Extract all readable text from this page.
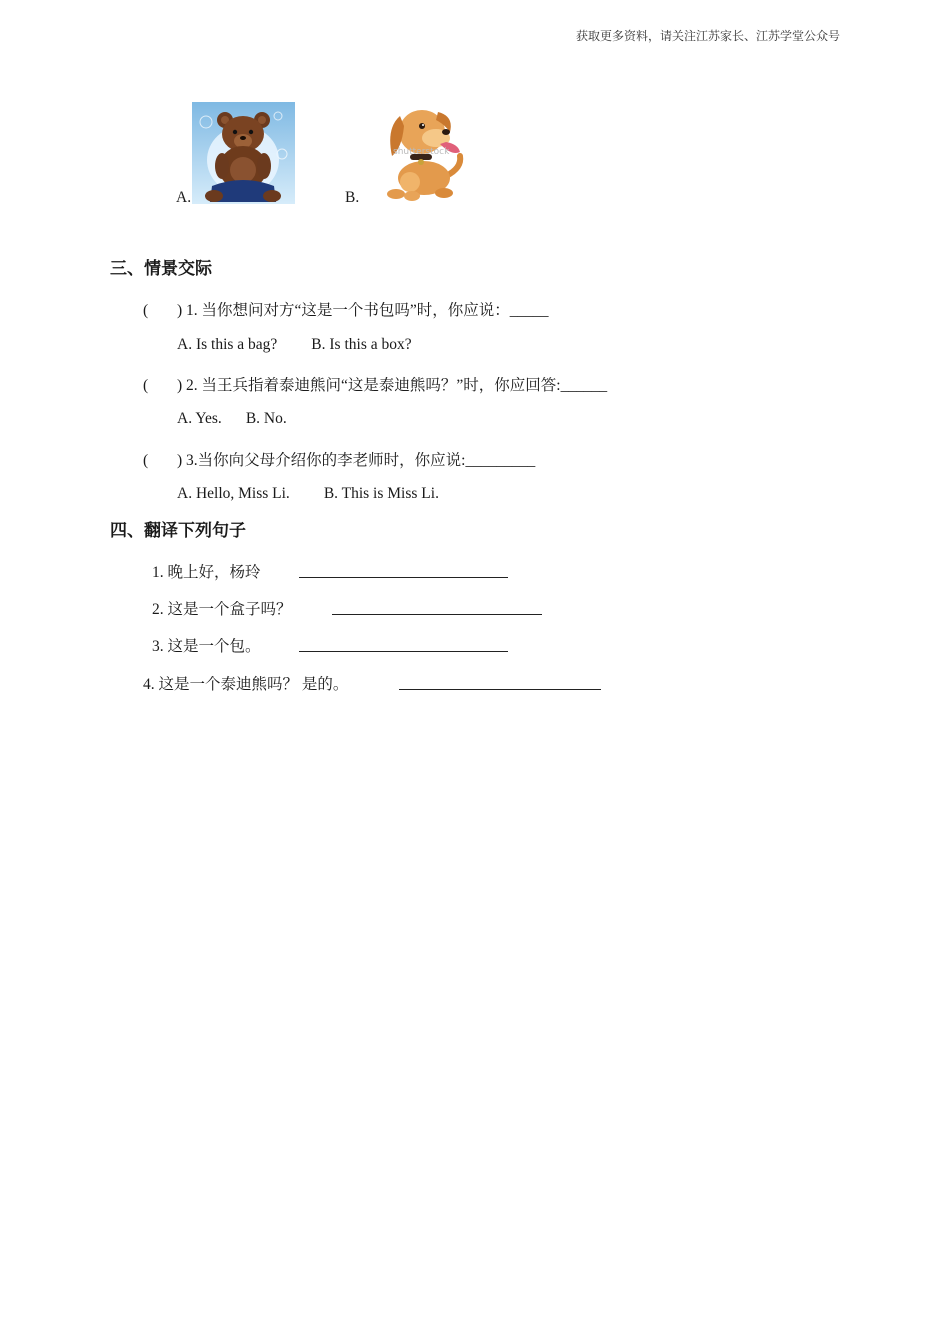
获取更多资料，请关注江苏家长、江苏学堂公众号
A.	B.
shutterstock
三、情景交际
( ) 1. 当你想问对方“这是一个书包吗”时，你应说：_____
A. Is this a bag? B. Is this a box?
( ) 2. 当王兵指着泰迪熊问“这是泰迪熊吗？”时，你应回答:______
A. Yes. B. No.
( ) 3.当你向父母介绍你的李老师时，你应说:_________
A. Hello, Miss Li. B. This is Miss Li.
四、翻译下列句子
1. 晚上好，杨玲
2. 这是一个盒子吗？
3. 这是一个包。
4. 这是一个泰迪熊吗？ 是的。
